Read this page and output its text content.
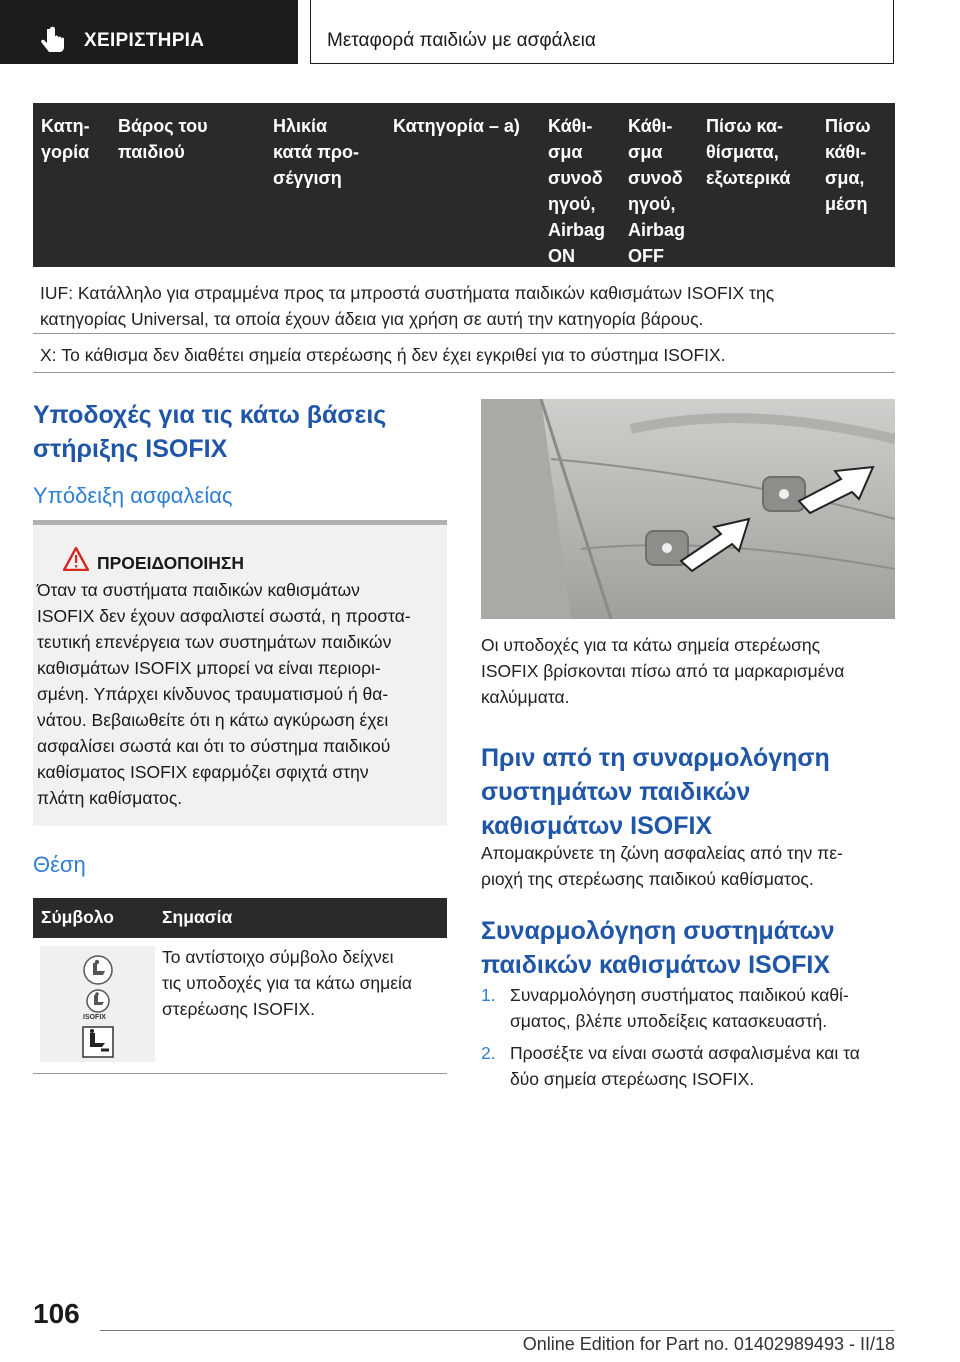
ΧΕΙΡΙΣΤΗΡΙΑ	Μεταφορά παιδιών με ασφάλεια
Κατη-
γορία
Βάρος του
παιδιού
Ηλικία
κατά προ-
σέγγιση
Κατηγορία – a) Κάθι-
σμα
συνοδ
ηγού,
Airbag
ON
Κάθι-
σμα
συνοδ
ηγού,
Airbag
OFF
Πίσω κα-
θίσματα,
εξωτερικά
Πίσω
κάθι-
σμα,
μέση
IUF: Κατάλληλο για στραμμένα προς τα μπροστά συστήματα παιδικών καθισμάτων ISOFIX της
κατηγορίας Universal, τα οποία έχουν άδεια για χρήση σε αυτή την κατηγορία βάρους.
X: Το κάθισμα δεν διαθέτει σημεία στερέωσης ή δεν έχει εγκριθεί για το σύστημα ISOFIX.
Υποδοχές για τις κάτω βάσεις
στήριξης ISOFIX
Υπόδειξη ασφαλείας
ΠΡΟΕΙΔΟΠΟΙΗΣΗ
Όταν τα συστήματα παιδικών καθισμάτων
ISOFIX δεν έχουν ασφαλιστεί σωστά, η προστα-
τευτική επενέργεια των συστημάτων παιδικών
καθισμάτων ISOFIX μπορεί να είναι περιορι-
σμένη. Υπάρχει κίνδυνος τραυματισμού ή θα-
νάτου. Βεβαιωθείτε ότι η κάτω αγκύρωση έχει
ασφαλίσει σωστά και ότι το σύστημα παιδικού
καθίσματος ISOFIX εφαρμόζει σφιχτά στην
πλάτη καθίσματος.
Θέση
Σύμβολο	Σημασία
ISOFIX
Το αντίστοιχο σύμβολο δείχνει
τις υποδοχές για τα κάτω σημεία
στερέωσης ISOFIX.
Οι υποδοχές για τα κάτω σημεία στερέωσης
ISOFIX βρίσκονται πίσω από τα μαρκαρισμένα
καλύμματα.
Πριν από τη συναρμολόγηση
συστημάτων παιδικών
καθισμάτων ISOFIX
Απομακρύνετε τη ζώνη ασφαλείας από την πε-
ριοχή της στερέωσης παιδικού καθίσματος.
Συναρμολόγηση συστημάτων
παιδικών καθισμάτων ISOFIX
1. Συναρμολόγηση συστήματος παιδικού καθί-
σματος, βλέπε υποδείξεις κατασκευαστή.
2. Προσέξτε να είναι σωστά ασφαλισμένα και τα
δύο σημεία στερέωσης ISOFIX.
106
Online Edition for Part no. 01402989493 - II/18
